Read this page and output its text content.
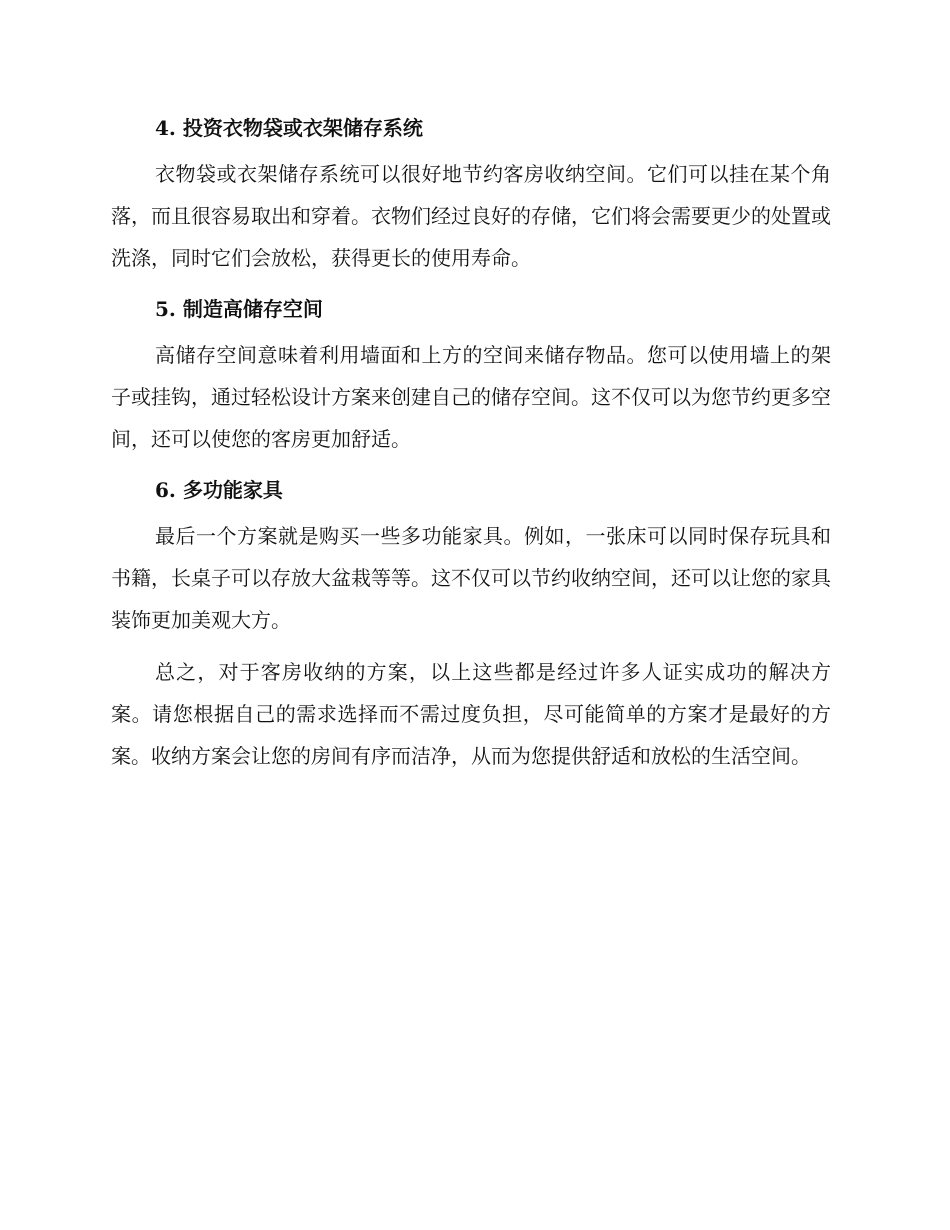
4. 投资衣物袋或衣架储存系统

衣物袋或衣架储存系统可以很好地节约客房收纳空间。它们可以挂在某个角落，而且很容易取出和穿着。衣物们经过良好的存储，它们将会需要更少的处置或洗涤，同时它们会放松，获得更长的使用寿命。

5. 制造高储存空间

高储存空间意味着利用墙面和上方的空间来储存物品。您可以使用墙上的架子或挂钩，通过轻松设计方案来创建自己的储存空间。这不仅可以为您节约更多空间，还可以使您的客房更加舒适。

6. 多功能家具

最后一个方案就是购买一些多功能家具。例如，一张床可以同时保存玩具和书籍，长桌子可以存放大盆栽等等。这不仅可以节约收纳空间，还可以让您的家具装饰更加美观大方。

总之，对于客房收纳的方案，以上这些都是经过许多人证实成功的解决方案。请您根据自己的需求选择而不需过度负担，尽可能简单的方案才是最好的方案。收纳方案会让您的房间有序而洁净，从而为您提供舒适和放松的生活空间。
